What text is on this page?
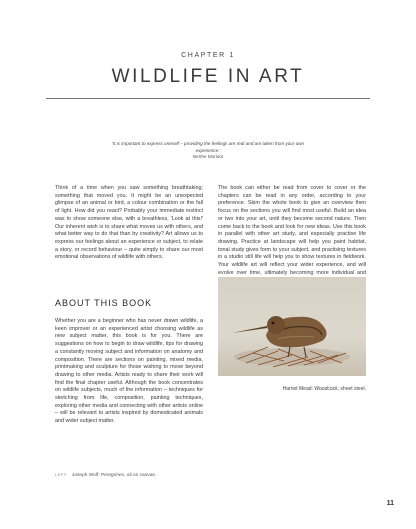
CHAPTER 1
WILDLIFE IN ART
'It is important to express oneself – providing the feelings are real and are taken from your own experience.'
Berthe Morisot

Think of a time when you saw something breathtaking; something that moved you. It might be an unexpected glimpse of an animal or bird, a colour combination or the fall of light. How did you react? Probably your immediate instinct was to show someone else, with a breathless, 'Look at this!' Our inherent wish is to share what moves us with others, and what better way to do that than by creativity? Art allows us to express our feelings about an experience or subject, to relate a story, or record behaviour – quite simply to share our most emotional observations of wildlife with others.

The book can either be read from cover to cover or the chapters can be read in any order, according to your preference. Skim the whole book to give an overview then focus on the sections you will find most useful. Build an idea or two into your art, until they become second nature. Then come back to the book and look for new ideas. Use this book in parallel with other art study, and especially practise life drawing. Practice at landscape will help you paint habitat, tonal study gives form to your subject, and practising textures in a studio still life will help you to show textures in fieldwork. Your wildlife art will reflect your wider experience, and will evolve over time, ultimately becoming more individual and

ABOUT THIS BOOK

Whether you are a beginner who has never drawn wildlife, a keen improver or an experienced artist choosing wildlife as new subject matter, this book is for you. There are suggestions on how to begin to draw wildlife, tips for drawing a constantly moving subject and information on anatomy and composition. There are sections on painting, mixed media, printmaking and sculpture for those wishing to move beyond drawing to other media. Artists ready to share their work will find the final chapter useful. Although the book concentrates on wildlife subjects, much of the information – techniques for sketching from life, composition, painting techniques, exploring other media and connecting with other artists online – will be relevant to artists inspired by domesticated animals and wider subject matter.

Harriet Mead: Woodcock, sheet steel.
LEFT: Joseph Wolf: Peregrines, oil on canvas.
11
